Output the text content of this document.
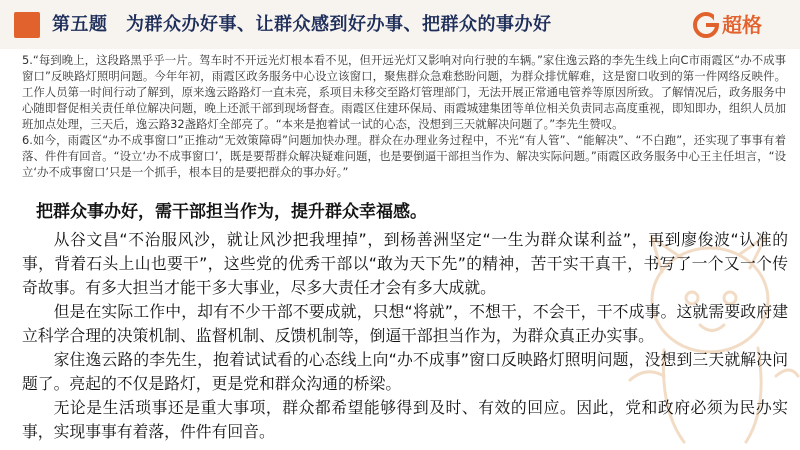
第五题　为群众办好事、让群众感到好办事、把群众的事办好	超格

5.“每到晚上，这段路黑乎乎一片。驾车时不开远光灯根本看不见，但开远光灯又影响对向行驶的车辆。”家住逸云路的李先生线上向C市雨霞区“办不成事窗口”反映路灯照明问题。今年年初，雨霞区政务服务中心设立该窗口，聚焦群众急难愁盼问题，为群众排忧解难，这是窗口收到的第一件网络反映件。工作人员第一时间行动了解到，原来逸云路路灯一直未亮，系项目未移交至路灯管理部门，无法开展正常通电管养等原因所致。了解情况后，政务服务中心随即督促相关责任单位解决问题，晚上还派干部到现场督查。雨霞区住建环保局、雨霞城建集团等单位相关负责同志高度重视，即知即办，组织人员加班加点处理，三天后，逸云路32盏路灯全部亮了。“本来是抱着试一试的心态，没想到三天就解决问题了。”李先生赞叹。

6.如今，雨霞区“办不成事窗口”正推动“无效策障碍”问题加快办理。群众在办理业务过程中，不光“有人管”、“能解决”、“不白跑”，还实现了事事有着落、件件有回音。“设立‘办不成事窗口’，既是要帮群众解决疑难问题，也是要倒逼干部担当作为、解决实际问题。”雨霞区政务服务中心王主任坦言，“设立‘办不成事窗口’只是一个抓手，根本目的是要把群众的事办好。”

把群众事办好，需干部担当作为，提升群众幸福感。

从谷文昌“不治服风沙，就让风沙把我埋掉”，到杨善洲坚定“一生为群众谋利益”，再到廖俊波“认准的事，背着石头上山也要干”，这些党的优秀干部以“敢为天下先”的精神，苦干实干真干，书写了一个又一个传奇故事。有多大担当才能干多大事业，尽多大责任才会有多大成就。

但是在实际工作中，却有不少干部不要成就，只想“将就”，不想干，不会干，干不成事。这就需要政府建立科学合理的决策机制、监督机制、反馈机制等，倒逼干部担当作为，为群众真正办实事。

家住逸云路的李先生，抱着试试看的心态线上向“办不成事”窗口反映路灯照明问题，没想到三天就解决问题了。亮起的不仅是路灯，更是党和群众沟通的桥梁。

无论是生活琐事还是重大事项，群众都希望能够得到及时、有效的回应。因此，党和政府必须为民办实事，实现事事有着落，件件有回音。
